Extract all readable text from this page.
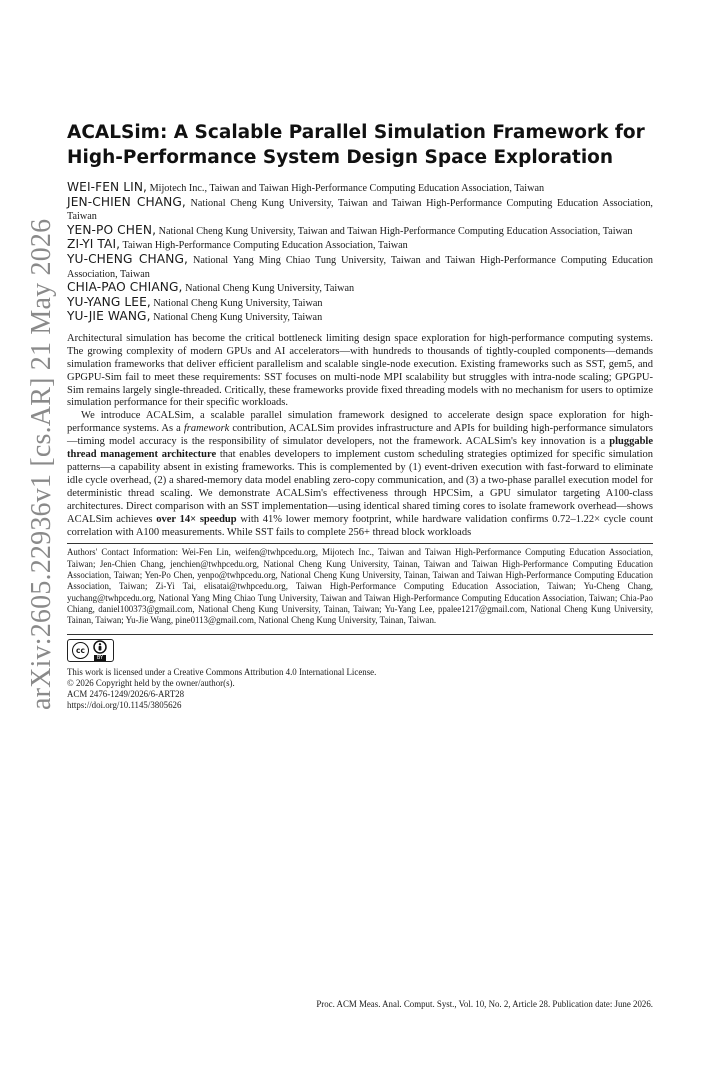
arXiv:2605.22936v1 [cs.AR] 21 May 2026
ACALSim: A Scalable Parallel Simulation Framework for High-Performance System Design Space Exploration

WEI-FEN LIN, Mijotech Inc., Taiwan and Taiwan High-Performance Computing Education Association, Taiwan

JEN-CHIEN CHANG, National Cheng Kung University, Taiwan and Taiwan High-Performance Computing Education Association, Taiwan

YEN-PO CHEN, National Cheng Kung University, Taiwan and Taiwan High-Performance Computing Education Association, Taiwan

ZI-YI TAI, Taiwan High-Performance Computing Education Association, Taiwan

YU-CHENG CHANG, National Yang Ming Chiao Tung University, Taiwan and Taiwan High-Performance Computing Education Association, Taiwan

CHIA-PAO CHIANG, National Cheng Kung University, Taiwan

YU-YANG LEE, National Cheng Kung University, Taiwan

YU-JIE WANG, National Cheng Kung University, Taiwan

Architectural simulation has become the critical bottleneck limiting design space exploration for high-performance computing systems. The growing complexity of modern GPUs and AI accelerators—with hundreds to thousands of tightly-coupled components—demands simulation frameworks that deliver efficient parallelism and scalable single-node execution. Existing frameworks such as SST, gem5, and GPGPU-Sim fail to meet these requirements: SST focuses on multi-node MPI scalability but struggles with intra-node scaling; GPGPU-Sim remains largely single-threaded. Critically, these frameworks provide fixed threading models with no mechanism for users to optimize simulation performance for their specific workloads.

We introduce ACALSim, a scalable parallel simulation framework designed to accelerate design space exploration for high-performance systems. As a framework contribution, ACALSim provides infrastructure and APIs for building high-performance simulators—timing model accuracy is the responsibility of simulator developers, not the framework. ACALSim's key innovation is a pluggable thread management architecture that enables developers to implement custom scheduling strategies optimized for specific simulation patterns—a capability absent in existing frameworks. This is complemented by (1) event-driven execution with fast-forward to eliminate idle cycle overhead, (2) a shared-memory data model enabling zero-copy communication, and (3) a two-phase parallel execution model for deterministic thread scaling. We demonstrate ACALSim's effectiveness through HPCSim, a GPU simulator targeting A100-class architectures. Direct comparison with an SST implementation—using identical shared timing cores to isolate framework overhead—shows ACALSim achieves over 14× speedup with 41% lower memory footprint, while hardware validation confirms 0.72–1.22× cycle count correlation with A100 measurements. While SST fails to complete 256+ thread block workloads

Authors' Contact Information: Wei-Fen Lin, weifen@twhpcedu.org, Mijotech Inc., Taiwan and Taiwan High-Performance Computing Education Association, Taiwan; Jen-Chien Chang, jenchien@twhpcedu.org, National Cheng Kung University, Tainan, Taiwan and Taiwan High-Performance Computing Education Association, Taiwan; Yen-Po Chen, yenpo@twhpcedu.org, National Cheng Kung University, Tainan, Taiwan and Taiwan High-Performance Computing Education Association, Taiwan; Zi-Yi Tai, elisatai@twhpcedu.org, Taiwan High-Performance Computing Education Association, Taiwan; Yu-Cheng Chang, yuchang@twhpcedu.org, National Yang Ming Chiao Tung University, Taiwan and Taiwan High-Performance Computing Education Association, Taiwan; Chia-Pao Chiang, daniel100373@gmail.com, National Cheng Kung University, Tainan, Taiwan; Yu-Yang Lee, ppalee1217@gmail.com, National Cheng Kung University, Tainan, Taiwan; Yu-Jie Wang, pine0113@gmail.com, National Cheng Kung University, Tainan, Taiwan.
cc
BY
This work is licensed under a Creative Commons Attribution 4.0 International License.
© 2026 Copyright held by the owner/author(s).
ACM 2476-1249/2026/6-ART28
https://doi.org/10.1145/3805626
Proc. ACM Meas. Anal. Comput. Syst., Vol. 10, No. 2, Article 28. Publication date: June 2026.
